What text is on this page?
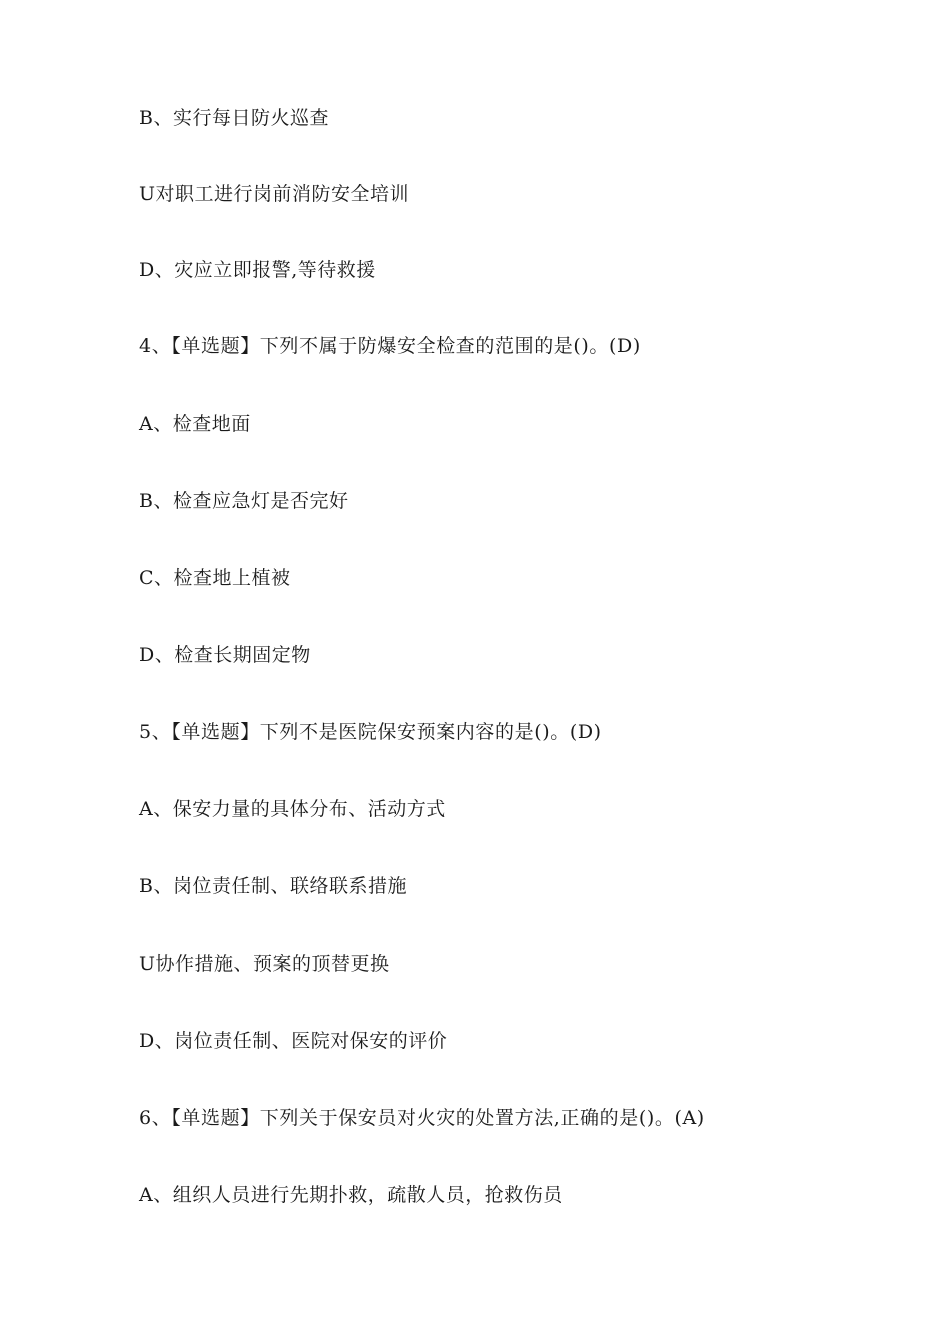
B、实行每日防火巡查
U对职工进行岗前消防安全培训
D、灾应立即报警,等待救援
4、【单选题】下列不属于防爆安全检查的范围的是()。(D)
A、检查地面
B、检查应急灯是否完好
C、检查地上植被
D、检查长期固定物
5、【单选题】下列不是医院保安预案内容的是()。(D)
A、保安力量的具体分布、活动方式
B、岗位责任制、联络联系措施
U协作措施、预案的顶替更换
D、岗位责任制、医院对保安的评价
6、【单选题】下列关于保安员对火灾的处置方法,正确的是()。(A)
A、组织人员进行先期扑救，疏散人员，抢救伤员
